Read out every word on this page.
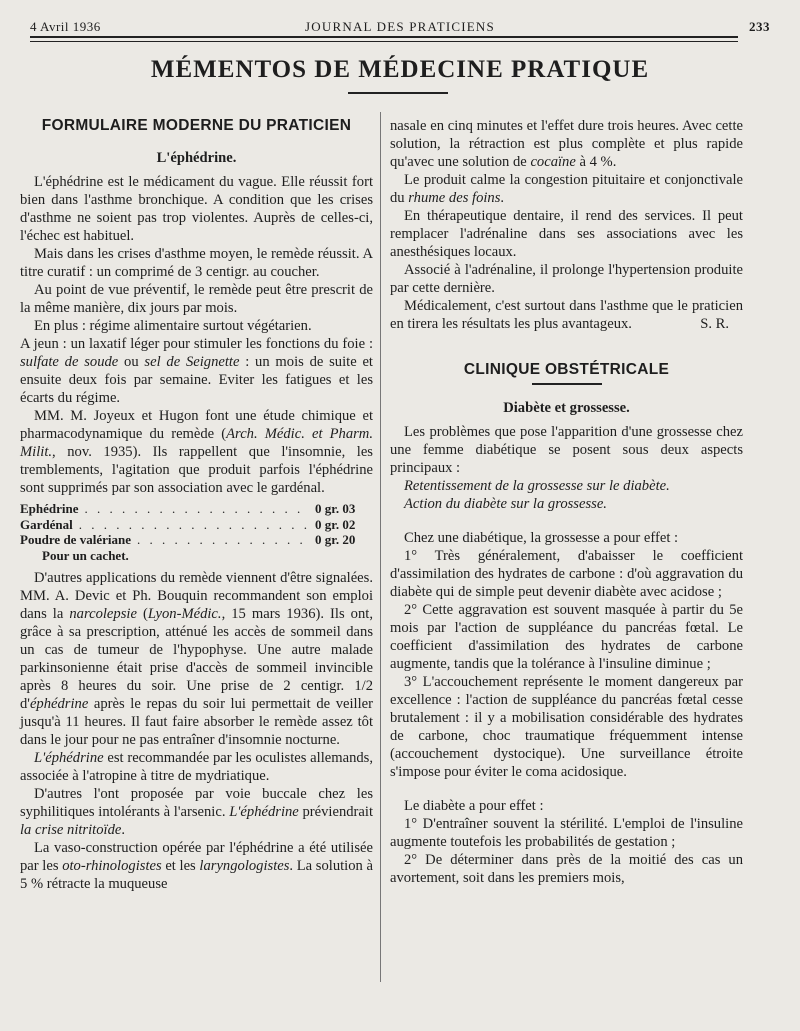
4 Avril 1936	JOURNAL DES PRATICIENS	233
MÉMENTOS DE MÉDECINE PRATIQUE
FORMULAIRE MODERNE DU PRATICIEN
L'éphédrine.

L'éphédrine est le médicament du vague. Elle réussit fort bien dans l'asthme bronchique. A condition que les crises d'asthme ne soient pas trop violentes. Auprès de celles-ci, l'échec est habituel.

Mais dans les crises d'asthme moyen, le remède réussit. A titre curatif : un comprimé de 3 centigr. au coucher.

Au point de vue préventif, le remède peut être prescrit de la même manière, dix jours par mois.

En plus : régime alimentaire surtout végétarien.

A jeun : un laxatif léger pour stimuler les fonctions du foie : sulfate de soude ou sel de Seignette : un mois de suite et ensuite deux fois par semaine. Eviter les fatigues et les écarts du régime.

MM. M. Joyeux et Hugon font une étude chimique et pharmacodynamique du remède (Arch. Médic. et Pharm. Milit., nov. 1935). Ils rappellent que l'insomnie, les tremblements, l'agitation que produit parfois l'éphédrine sont supprimés par son association avec le gardénal.

Ephédrine . . .	0 gr. 03
Gardénal . . .	0 gr. 02
Poudre de valériane . . .	0 gr. 20
Pour un cachet.

D'autres applications du remède viennent d'être signalées. MM. A. Devic et Ph. Bouquin recommandent son emploi dans la narcolepsie (Lyon-Médic., 15 mars 1936). Ils ont, grâce à sa prescription, atténué les accès de sommeil dans un cas de tumeur de l'hypophyse. Une autre malade parkinsonienne était prise d'accès de sommeil invincible après 8 heures du soir. Une prise de 2 centigr. 1/2 d'éphédrine après le repas du soir lui permettait de veiller jusqu'à 11 heures. Il faut faire absorber le remède assez tôt dans le jour pour ne pas entraîner d'insomnie nocturne.

L'éphédrine est recommandée par les oculistes allemands, associée à l'atropine à titre de mydriatique.

D'autres l'ont proposée par voie buccale chez les syphilitiques intolérants à l'arsenic. L'éphédrine préviendrait la crise nitritoïde.

La vaso-construction opérée par l'éphédrine a été utilisée par les oto-rhinologistes et les laryngologistes. La solution à 5 % rétracte la muqueuse

nasale en cinq minutes et l'effet dure trois heures. Avec cette solution, la rétraction est plus complète et plus rapide qu'avec une solution de cocaïne à 4 %.

Le produit calme la congestion pituitaire et conjonctivale du rhume des foins.

En thérapeutique dentaire, il rend des services. Il peut remplacer l'adrénaline dans ses associations avec les anesthésiques locaux.

Associé à l'adrénaline, il prolonge l'hypertension produite par cette dernière.

Médicalement, c'est surtout dans l'asthme que le praticien en tirera les résultats les plus avantageux.	S. R.

CLINIQUE OBSTÉTRICALE
Diabète et grossesse.

Les problèmes que pose l'apparition d'une grossesse chez une femme diabétique se posent sous deux aspects principaux :

Retentissement de la grossesse sur le diabète.

Action du diabète sur la grossesse.

Chez une diabétique, la grossesse a pour effet :

1° Très généralement, d'abaisser le coefficient d'assimilation des hydrates de carbone : d'où aggravation du diabète qui de simple peut devenir diabète avec acidose ;

2° Cette aggravation est souvent masquée à partir du 5e mois par l'action de suppléance du pancréas fœtal. Le coefficient d'assimilation des hydrates de carbone augmente, tandis que la tolérance à l'insuline diminue ;

3° L'accouchement représente le moment dangereux par excellence : l'action de suppléance du pancréas fœtal cesse brutalement : il y a mobilisation considérable des hydrates de carbone, choc traumatique fréquemment intense (accouchement dystocique). Une surveillance étroite s'impose pour éviter le coma acidosique.

Le diabète a pour effet :

1° D'entraîner souvent la stérilité. L'emploi de l'insuline augmente toutefois les probabilités de gestation ;

2° De déterminer dans près de la moitié des cas un avortement, soit dans les premiers mois,
